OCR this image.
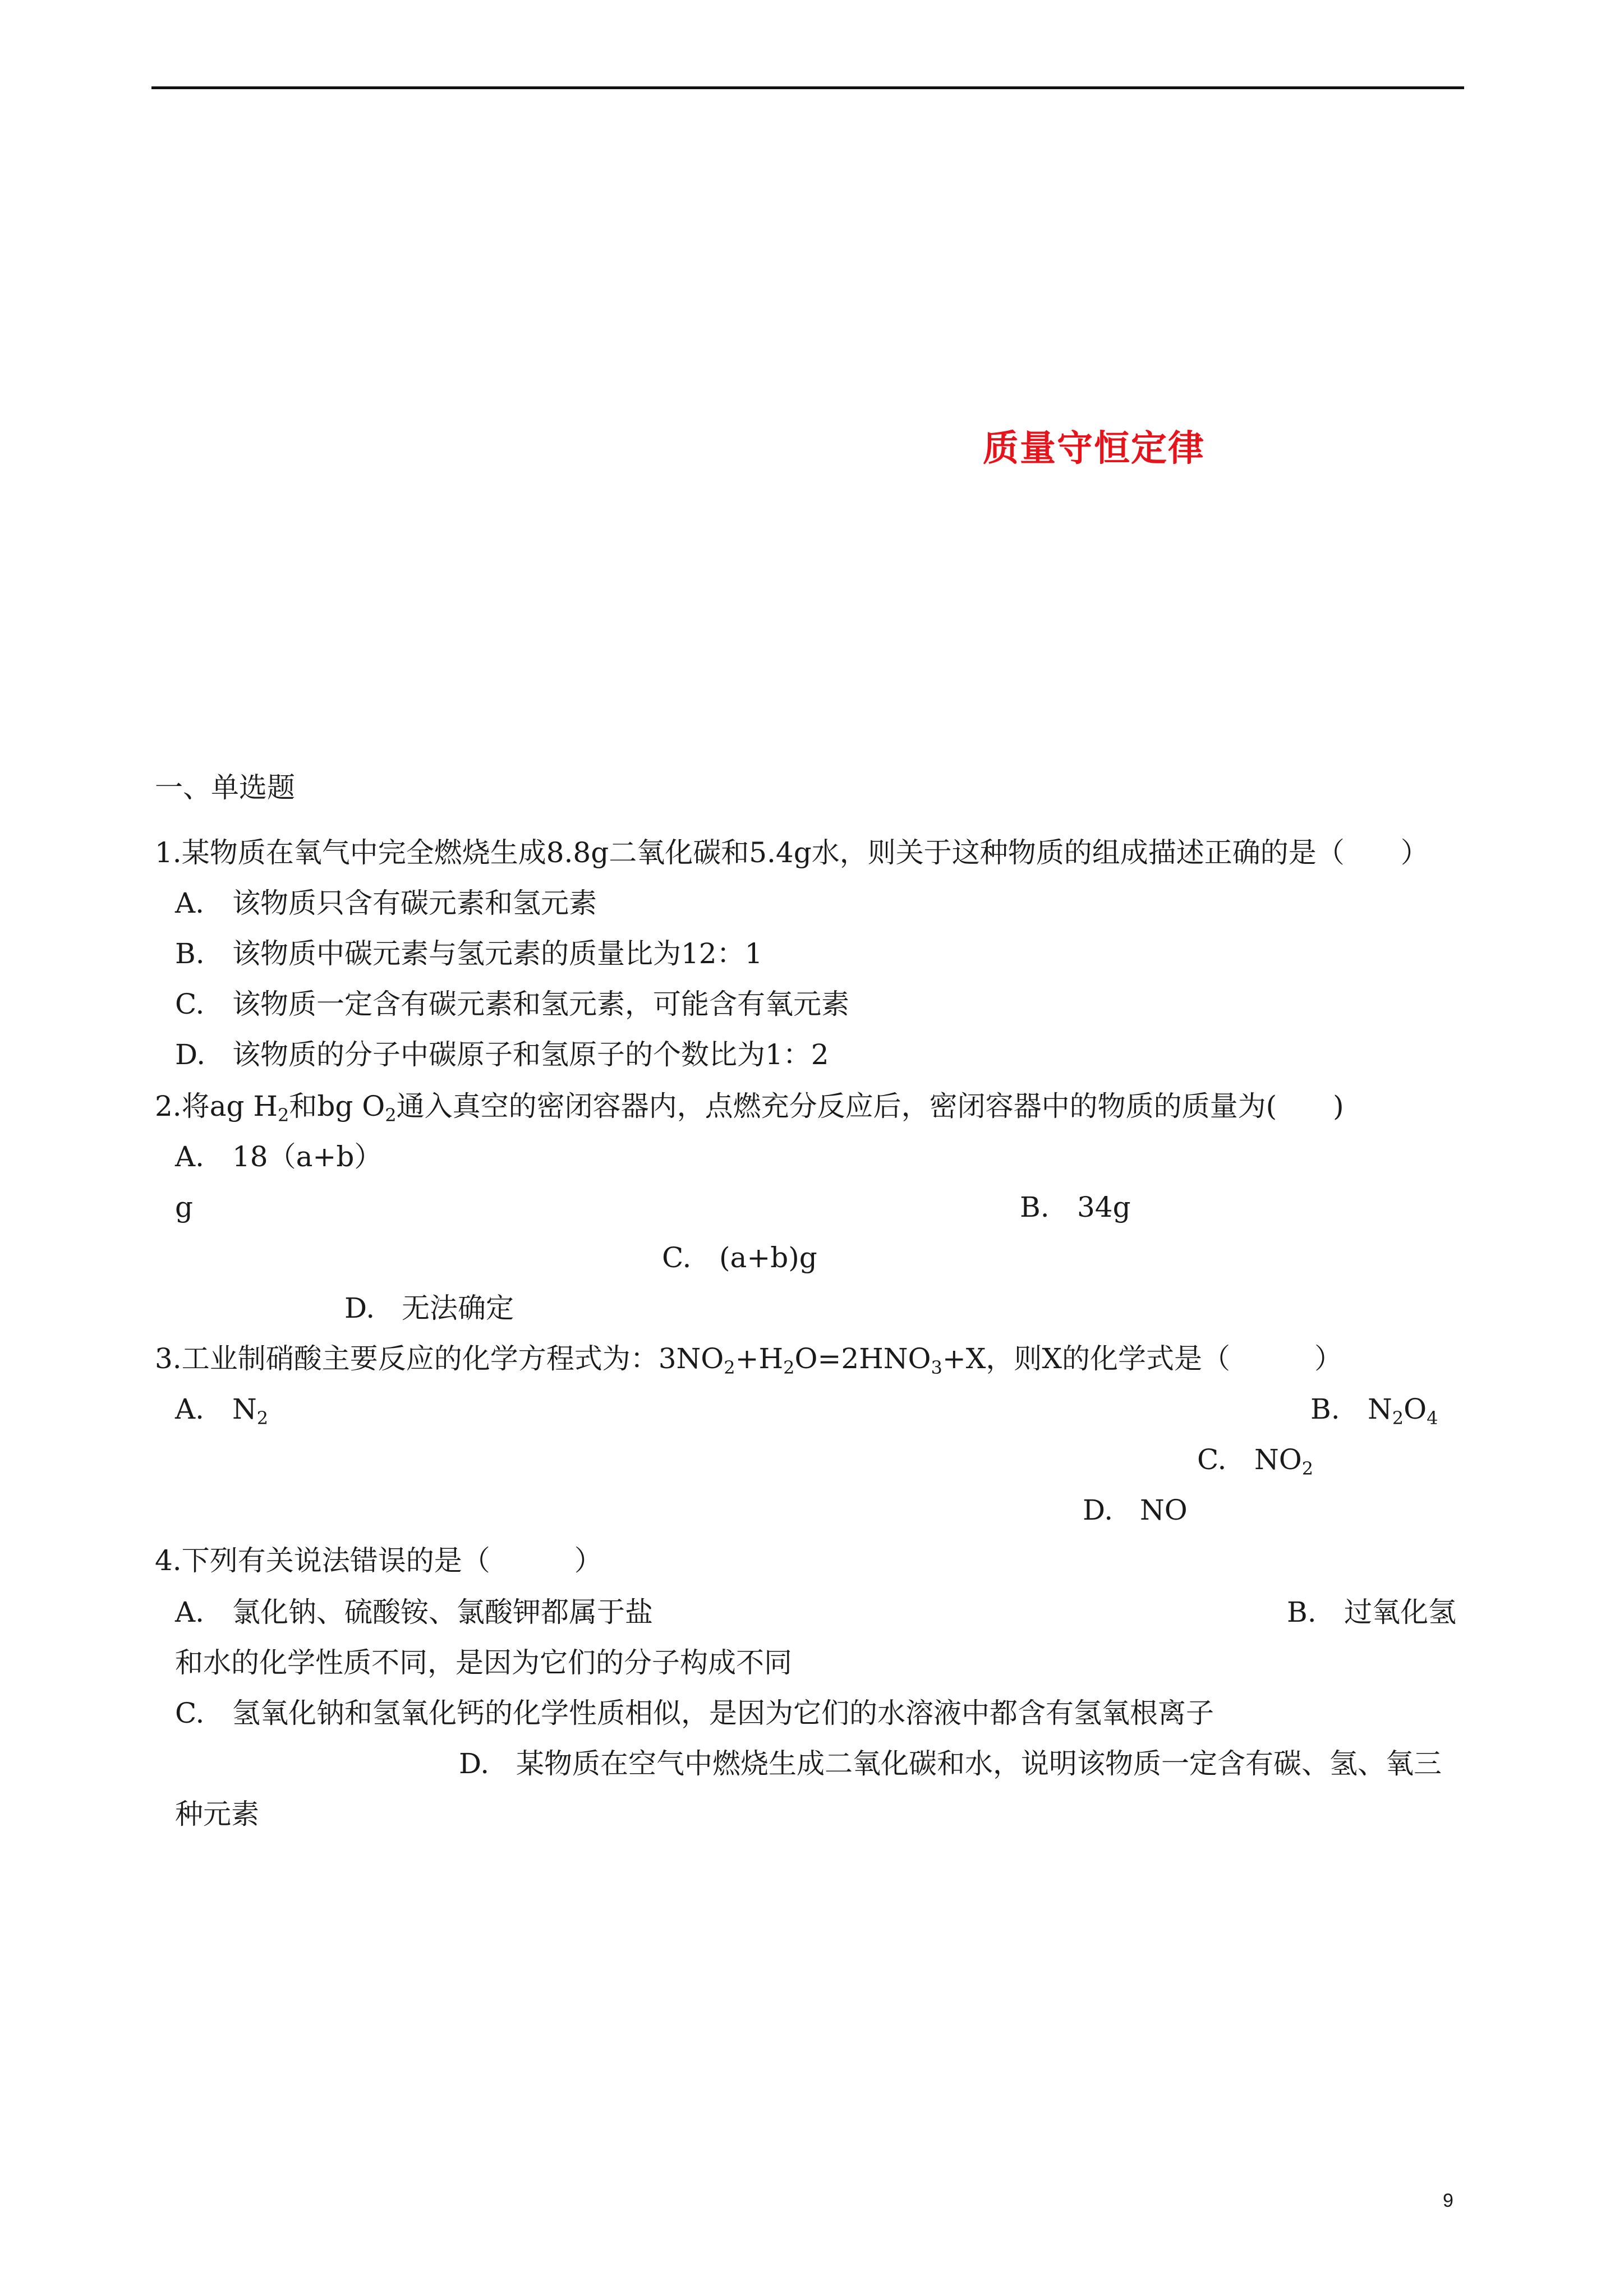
质量守恒定律
一、单选题
1.某物质在氧气中完全燃烧生成8.8g二氧化碳和5.4g水，则关于这种物质的组成描述正确的是（　　）
A. 该物质只含有碳元素和氢元素
B. 该物质中碳元素与氢元素的质量比为12：1
C. 该物质一定含有碳元素和氢元素，可能含有氧元素
D. 该物质的分子中碳原子和氢原子的个数比为1：2
2.将ag $H_2$和bg $O_2$通入真空的密闭容器内，点燃充分反应后，密闭容器中的物质的质量为(　　)
A. 18（a+b）
g	B. 34g
C. (a+b)g
D. 无法确定
3.工业制硝酸主要反应的化学方程式为：$3NO_2+H_2O=2HNO_3+X$，则X的化学式是（　　　）
A. $N_2$	B. $N_2O_4$
C. $NO_2$
D. NO
4.下列有关说法错误的是（　　　）
A. 氯化钠、硫酸铵、氯酸钾都属于盐	B. 过氧化氢
和水的化学性质不同，是因为它们的分子构成不同
C. 氢氧化钠和氢氧化钙的化学性质相似，是因为它们的水溶液中都含有氢氧根离子
D. 某物质在空气中燃烧生成二氧化碳和水，说明该物质一定含有碳、氢、氧三
种元素
9
